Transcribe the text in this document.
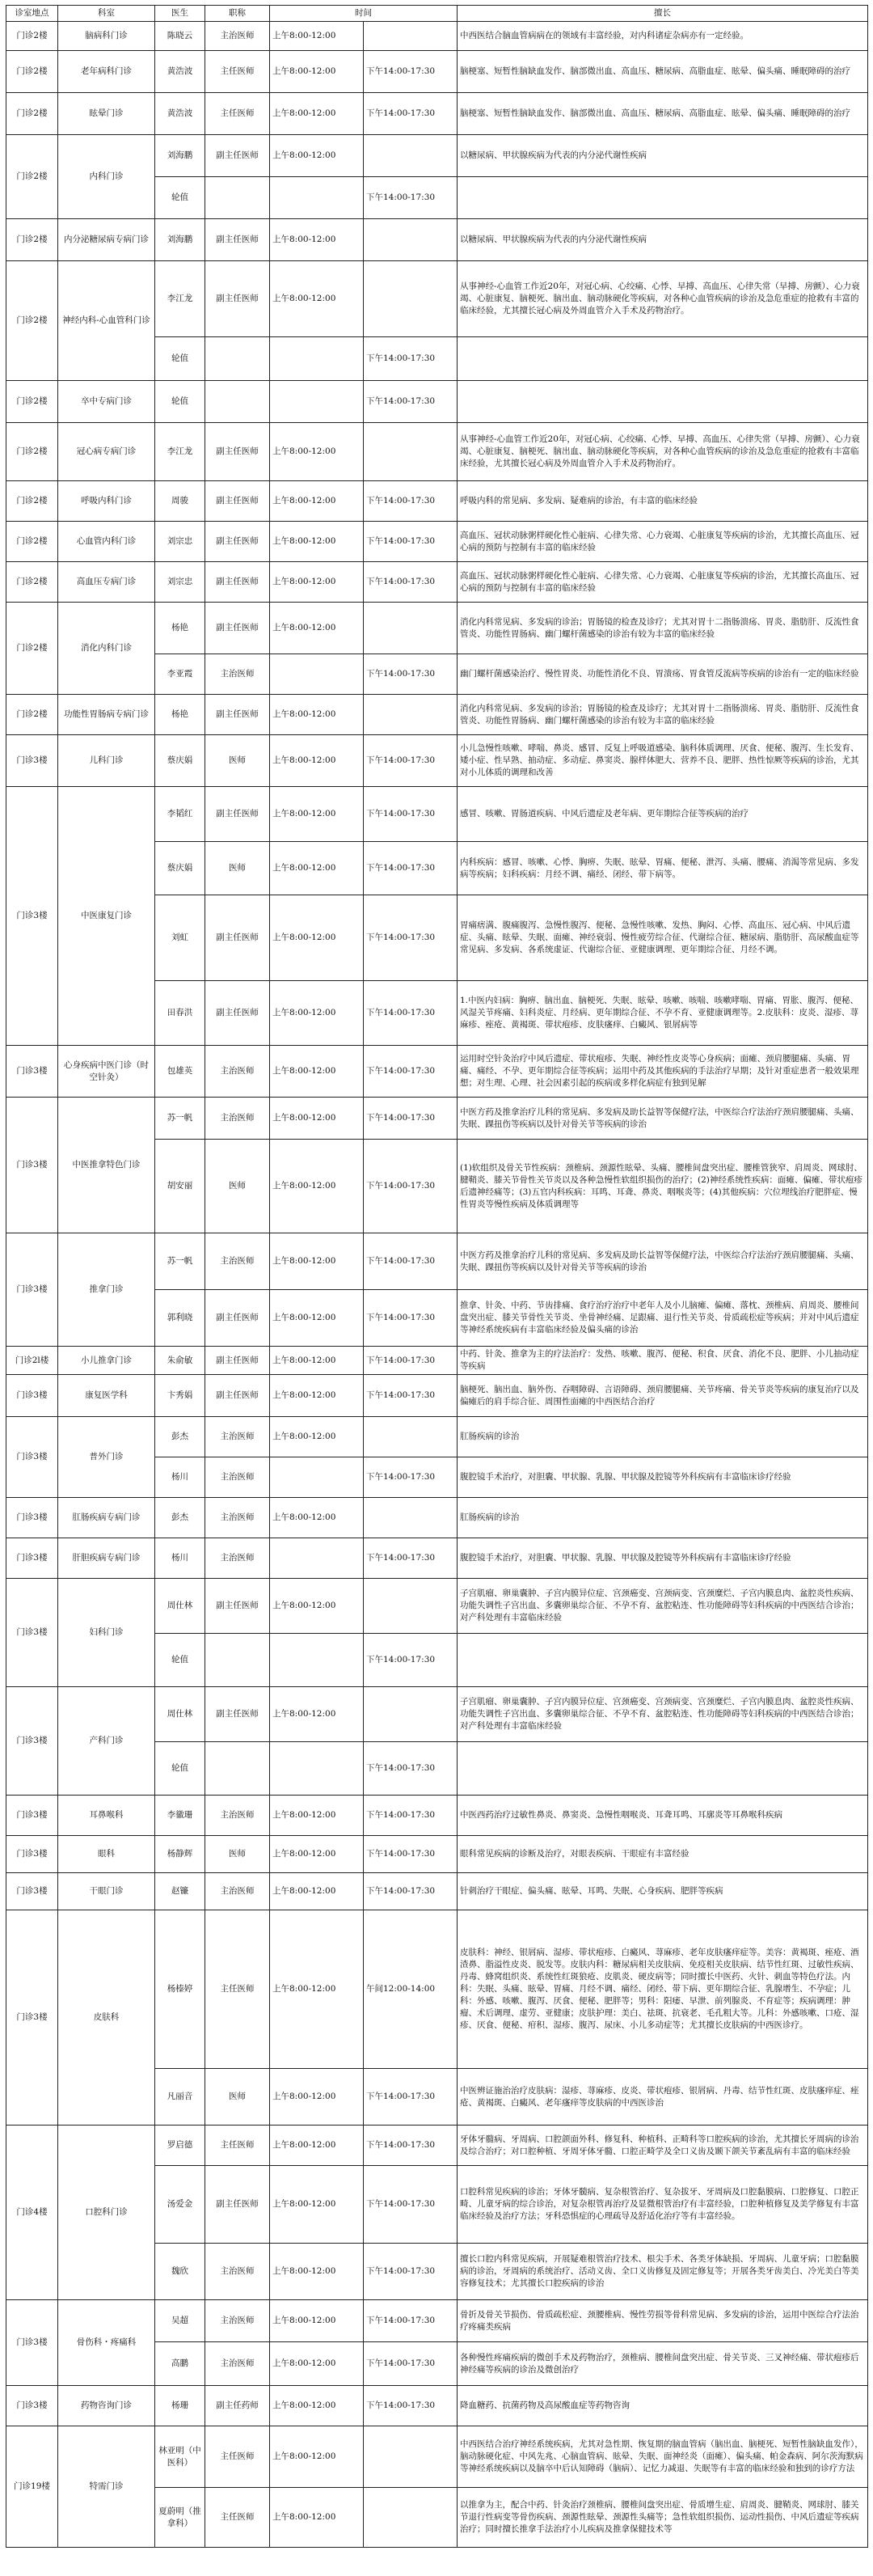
诊室地点	科室	医生	职称	时间		擅长
门诊2楼	脑病科门诊	陈晓云	主治医师	上午8:00-12:00		中西医结合脑血管病病在的领域有丰富经验，对内科诸症杂病亦有一定经验。
门诊2楼	老年病科门诊	黄浩波	主任医师	上午8:00-12:00	下午14:00-17:30	脑梗塞、短暂性脑缺血发作、脑部微出血、高血压、糖尿病、高脂血症、眩晕、偏头痛、睡眠障碍的治疗
门诊2楼	眩晕门诊	黄浩波	主任医师	上午8:00-12:00	下午14:00-17:30	脑梗塞、短暂性脑缺血发作、脑部微出血、高血压、糖尿病、高脂血症、眩晕、偏头痛、睡眠障碍的治疗
门诊2楼	内科门诊	刘海鹏	副主任医师	上午8:00-12:00		以糖尿病、甲状腺疾病为代表的内分泌代谢性疾病
		轮值			下午14:00-17:30	
门诊2楼	内分泌糖尿病专病门诊	刘海鹏	副主任医师	上午8:00-12:00		以糖尿病、甲状腺疾病为代表的内分泌代谢性疾病
门诊2楼	神经内科-心血管科门诊	李江龙	副主任医师	上午8:00-12:00		从事神经-心血管工作近20年，对冠心病、心绞痛、心悸、早搏、高血压、心律失常（早搏、房颤）、心力衰竭、心脏康复、脑梗死、脑出血、脑动脉硬化等疾病，对各种心血管疾病的诊治及急危重症的抢救有丰富的临床经验，尤其擅长冠心病及外周血管介入手术及药物治疗。
		轮值			下午14:00-17:30	
门诊2楼	卒中专病门诊	轮值			下午14:00-17:30	
门诊2楼	冠心病专病门诊	李江龙	副主任医师	上午8:00-12:00		从事神经-心血管工作近20年，对冠心病、心绞痛、心悸、早搏、高血压、心律失常（早搏、房颤）、心力衰竭、心脏康复、脑梗死、脑出血、脑动脉硬化等疾病，对各种心血管疾病的诊治及急危重症的抢救有丰富临床经验，尤其擅长冠心病及外周血管介入手术及药物治疗。
门诊2楼	呼吸内科门诊	周骏	副主任医师	上午8:00-12:00	下午14:00-17:30	呼吸内科的常见病、多发病、疑难病的诊治，有丰富的临床经验
门诊2楼	心血管内科门诊	刘宗忠	副主任医师	上午8:00-12:00	下午14:00-17:30	高血压、冠状动脉粥样硬化性心脏病、心律失常、心力衰竭、心脏康复等疾病的诊治，尤其擅长高血压、冠心病的预防与控制有丰富的临床经验
门诊2楼	高血压专病门诊	刘宗忠	副主任医师	上午8:00-12:00	下午14:00-17:30	高血压、冠状动脉粥样硬化性心脏病、心律失常、心力衰竭、心脏康复等疾病的诊治，尤其擅长高血压、冠心病的预防与控制有丰富的临床经验
门诊2楼	消化内科门诊	杨艳	副主任医师	上午8:00-12:00		消化内科常见病、多发病的诊治；胃肠镜的检查及诊疗；尤其对胃十二指肠溃疡、胃炎、脂肪肝、反流性食管炎、功能性胃肠病、幽门螺杆菌感染的诊治有较为丰富的临床经验
		李亚霞	主治医师		下午14:00-17:30	幽门螺杆菌感染治疗、慢性胃炎、功能性消化不良、胃溃疡、胃食管反流病等疾病的诊治有一定的临床经验
门诊2楼	功能性胃肠病专病门诊	杨艳	副主任医师	上午8:00-12:00		消化内科常见病、多发病的诊治；胃肠镜的检查及诊疗；尤其对胃十二指肠溃疡、胃炎、脂肪肝、反流性食管炎、功能性胃肠病、幽门螺杆菌感染的诊治有较为丰富的临床经验
门诊3楼	儿科门诊	蔡庆娟	医师	上午8:00-12:00	下午14:00-17:30	小儿急慢性咳嗽、哮喘、鼻炎、感冒、反复上呼吸道感染、脑科体质调理、厌食、便秘、腹泻、生长发育、矮小症、性早熟、抽动症、多动症、鼻窦炎、腺样体肥大、营养不良、肥胖、热性惊厥等疾病的诊治，尤其对小儿体质的调理和改善
门诊3楼	中医康复门诊	李韬红	副主任医师	上午8:00-12:00	下午14:00-17:30	感冒、咳嗽、胃肠道疾病、中风后遗症及老年病、更年期综合征等疾病的治疗
		蔡庆娟	医师	上午8:00-12:00	下午14:00-17:30	内科疾病：感冒、咳嗽、心悸、胸痹、失眠、眩晕、胃痛、便秘、泄泻、头痛、腰痛、消渴等常见病、多发病等疾病；妇科疾病：月经不调、痛经、闭经、带下病等。
		刘虹	副主任医师	上午8:00-12:00	下午14:00-17:30	胃痛痞满、腹痛腹泻、急慢性腹泻、便秘、急慢性咳嗽、发热、胸闷、心悸、高血压、冠心病、中风后遗症、头痛、眩晕、失眠、面瘫、神经衰弱、慢性疲劳综合征、代谢综合征、糖尿病、脂肪肝、高尿酸血症等常见病、多发病、各系统虚证、代谢综合征、亚健康调理、更年期综合征、月经不调。
		田春洪	副主任医师	上午8:00-12:00	下午14:00-17:30	1.中医内妇病：胸痹、脑出血、脑梗死、失眠、眩晕、咳嗽、咳喘、咳嗽哮喘、胃痛、胃胀、腹泻、便秘、风湿关节疼痛、妇科炎症、月经病、更年期综合征、不孕不育、亚健康调理等。2.皮肤科：皮炎、湿疹、荨麻疹、痤疮、黄褐斑、带状疱疹、皮肤瘙痒、白癜风、银屑病等
门诊3楼	心身疾病中医门诊（时空针灸）	包雄英	主治医师	上午8:00-12:00	下午14:00-17:30	运用时空针灸治疗中风后遗症、带状疱疹、失眠、神经性皮炎等心身疾病；面瘫、颈肩腰腿痛、头痛、胃痛、痛经、不孕、更年期综合征等疾病；运用中药及其他疾病的手法治疗早期；及针对重症患者一般效果理想；对生理、心理、社会因素引起的疾病或多样化病症有独到见解
门诊3楼	中医推拿特色门诊	苏一帆	主治医师	上午8:00-12:00	下午14:00-17:30	中医方药及推拿治疗儿科的常见病、多发病及助长益智等保健疗法，中医综合疗法治疗颈肩腰腿痛、头痛、失眠、踝扭伤等疾病以及针对骨关节等疾病的诊治
		胡安丽	医师	上午8:00-12:00	下午14:00-17:30	(1)软组织及骨关节性疾病：颈椎病、颈源性眩晕、头痛、腰椎间盘突出症、腰椎管狭窄、肩周炎、网球肘、腱鞘炎、膝关节骨性关节炎以及各种急慢性软组织损伤的治疗；(2)神经系统性疾病：面瘫、偏瘫、带状疱疹后遗神经痛等；(3)五官内科疾病：耳鸣、耳聋、鼻炎、咽喉炎等；(4)其他疾病：穴位埋线治疗肥胖症、慢性胃炎等慢性疾病及体质调理等
门诊3楼	推拿门诊	苏一帆	主治医师	上午8:00-12:00	下午14:00-17:30	中医方药及推拿治疗儿科的常见病、多发病及助长益智等保健疗法，中医综合疗法治疗颈肩腰腿痛、头痛、失眠、踝扭伤等疾病以及针对骨关节等疾病的诊治
		郭利晓	副主任医师	上午8:00-12:00	下午14:00-17:30	推拿、针灸、中药、节齿排痛、食疗治疗治疗中老年人及小儿脑瘫、偏瘫、落枕、颈椎病、肩周炎、腰椎间盘突出症、膝关节骨性关节炎、坐骨神经痛、足跟痛、退行性关节炎、骨质疏松症等疾病；并对中风后遗症等神经系统疾病有丰富临床经验及偏头痛的诊治
门诊2l楼	小儿推拿门诊	朱俞敏	副主任医师	上午8:00-12:00	下午14:00-17:30	中药、针灸、推拿为主的疗法治疗：发热、咳嗽、腹泻、便秘、积食、厌食、消化不良、肥胖、小儿抽动症等疾病
门诊3楼	康复医学科	卞秀娟	副主任医师	上午8:00-12:00	下午14:00-17:30	脑梗死、脑出血、脑外伤、吞咽障碍、言语障碍、颈肩腰腿痛、关节疼痛、骨关节炎等疾病的康复治疗以及偏瘫后的肩手综合征、周围性面瘫的中西医结合治疗
门诊3楼	普外门诊	彭杰	主治医师	上午8:00-12:00		肛肠疾病的诊治
		杨川	主治医师		下午14:00-17:30	腹腔镜手术治疗，对胆囊、甲状腺、乳腺、甲状腺及腔镜等外科疾病有丰富临床诊疗经验
门诊3楼	肛肠疾病专病门诊	彭杰	主治医师	上午8:00-12:00		肛肠疾病的诊治
门诊3楼	肝胆疾病专病门诊	杨川	主治医师		下午14:00-17:30	腹腔镜手术治疗，对胆囊、甲状腺、乳腺、甲状腺及腔镜等外科疾病有丰富临床诊疗经验
门诊3楼	妇科门诊	周仕林	副主任医师	上午8:00-12:00		子宫肌瘤、卵巢囊肿、子宫内膜异位症、宫颈癌变、宫颈病变、宫颈糜烂、子宫内膜息肉、盆腔炎性疾病、功能失调性子宫出血、多囊卵巢综合征、不孕不育、盆腔粘连、性功能障碍等妇科疾病的中西医结合诊治；对产科处理有丰富临床经验
		轮值			下午14:00-17:30	
门诊3楼	产科门诊	周仕林	副主任医师	上午8:00-12:00		子宫肌瘤、卵巢囊肿、子宫内膜异位症、宫颈癌变、宫颈病变、宫颈糜烂、子宫内膜息肉、盆腔炎性疾病、功能失调性子宫出血、多囊卵巢综合征、不孕不育、盆腔粘连、性功能障碍等妇科疾病的中西医结合诊治；对产科处理有丰富临床经验
		轮值			下午14:00-17:30	
门诊3楼	耳鼻喉科	李徽珊	主治医师	上午8:00-12:00	下午14:00-17:30	中医西药治疗过敏性鼻炎、鼻窦炎、急慢性咽喉炎、耳聋耳鸣、耳廓炎等耳鼻喉科疾病
门诊3楼	眼科	杨静辉	医师	上午8:00-12:00	下午14:00-17:30	眼科常见疾病的诊断及治疗，对眼表疾病、干眼症有丰富经验
门诊3楼	干眼门诊	赵镰	主治医师	上午8:00-12:00	下午14:00-17:30	针刺治疗干眼症、偏头痛、眩晕、耳鸣、失眠、心身疾病、肥胖等疾病
门诊3楼	皮肤科	杨榛婷	主任医师	上午8:00-12:00	午间12:00-14:00	皮肤科：神经、银屑病、湿疹、带状疱疹、白癜风、荨麻疹、老年皮肤瘙痒症等。美容：黄褐斑、痤疮、酒渣鼻、脂溢性皮炎、脱发等。皮肤内科：糖尿病相关皮肤病、免疫相关皮肤病、结节性红斑、过敏性疾病、丹毒、蜂窝组织炎、系统性红斑狼疮、皮肌炎、硬皮病等；同时擅长中医药、火针、刺血等特色疗法。内科：失眠、头痛、眩晕、胃痛、月经不调、痛经、闭经、带下病、更年期综合征、乳腺增生、不孕症；儿科：外感、咳嗽、腹泻、厌食、便秘、肥胖等；男科：阳痿、早泄、前列腺炎、不育症等；疾病调理：肿瘤、术后调理、虚劳、亚健康；皮肤护理：美白、祛斑、抗衰老、毛孔粗大等。儿科：外感咳嗽、口疮、湿疹、厌食、便秘、疳积、湿疹、腹泻、尿床、小儿多动症等；尤其擅长皮肤病的中西医诊疗。
		凡丽音	医师	上午8:00-12:00	下午14:00-17:30	中医辨证施治治疗皮肤病：湿疹、荨麻疹、皮炎、带状疱疹、银屑病、丹毒、结节性红斑、皮肤瘙痒症、痤疮、黄褐斑、白癜风、老年瘙痒等皮肤病的中西医诊治
门诊4楼	口腔科门诊	罗启德	主任医师	上午8:00-12:00	下午14:00-17:30	牙体牙髓病、牙周病、口腔颌面外科、修复科、种植科、正畸科等口腔疾病的诊治，尤其擅长牙周病的诊治及综合治疗；对口腔种植、牙周牙体牙髓、口腔正畸学及全口义齿及颞下颌关节紊乱病有丰富的临床经验
		汤爱金	副主任医师	上午8:00-12:00	下午14:00-17:30	口腔科常见疾病的诊治；牙体牙髓病、复杂根管治疗、复杂拔牙、牙周病及口腔黏膜病、口腔修复、口腔正畸、儿童牙病的综合诊治，对复杂根管再治疗及显微根管治疗有丰富经验，口腔种植修复及美学修复有丰富临床经验及治疗方法；牙科恐惧症的心理疏导及舒适化治疗等有丰富经验。
		魏欣	主治医师	上午8:00-12:00	下午14:00-17:30	擅长口腔内科常见疾病，开展疑难根管治疗技术、根尖手术、各类牙体缺损、牙周病、儿童牙病；口腔黏膜病的诊治，牙周病的系统治疗、活动义齿、全口义齿修复及固定修复等；开展各类牙齿美白、冷光美白等美容修复技术；尤其擅长口腔疾病的诊治
门诊3楼	骨伤科・疼痛科	吴超	主治医师	上午8:00-12:00	下午14:00-17:30	骨折及骨关节损伤、骨质疏松症、颈腰椎病、慢性劳损等骨科常见病、多发病的诊治，运用中医综合疗法治疗疼痛类疾病
		高鹏	主治医师	上午8:00-12:00	下午14:00-17:30	各种慢性疼痛疾病的微创手术及药物治疗，颈椎病、腰椎间盘突出症、骨关节炎、三叉神经痛、带状疱疹后神经痛等疾病的诊治及微创治疗
门诊3楼	药物咨询门诊	杨珊	副主任药师	上午8:00-12:00	下午14:00-17:30	降血糖药、抗菌药物及高尿酸血症等药物咨询
门诊19楼	特需门诊	林亚明（中医科）	主任医师	上午8:00-12:00		中西医结合治疗神经系统疾病，尤其对急性期、恢复期的脑血管病（脑出血、脑梗死、短暂性脑缺血发作），脑动脉硬化症、中风先兆、心脑血管病、眩晕、失眠、面神经炎（面瘫）、偏头痛、帕金森病、阿尔茨海默病等神经系统疾病以及脑卒中后认知障碍（脑病）、记忆力减退、失眠等有丰富的临床经验和独到的诊疗方法
		夏蔚明（推拿科）	主任医师	上午8:00-12:00		以推拿为主，配合中药、针灸治疗颈椎病、腰椎间盘突出症、骨质增生症、肩周炎、腱鞘炎、网球肘、膝关节退行性病变等骨伤疾病、颈源性眩晕、颈源性头痛等；急性软组织损伤、运动性损伤、中风后遗症等疾病治疗；同时擅长推拿手法治疗小儿疾病及推拿保健技术等
